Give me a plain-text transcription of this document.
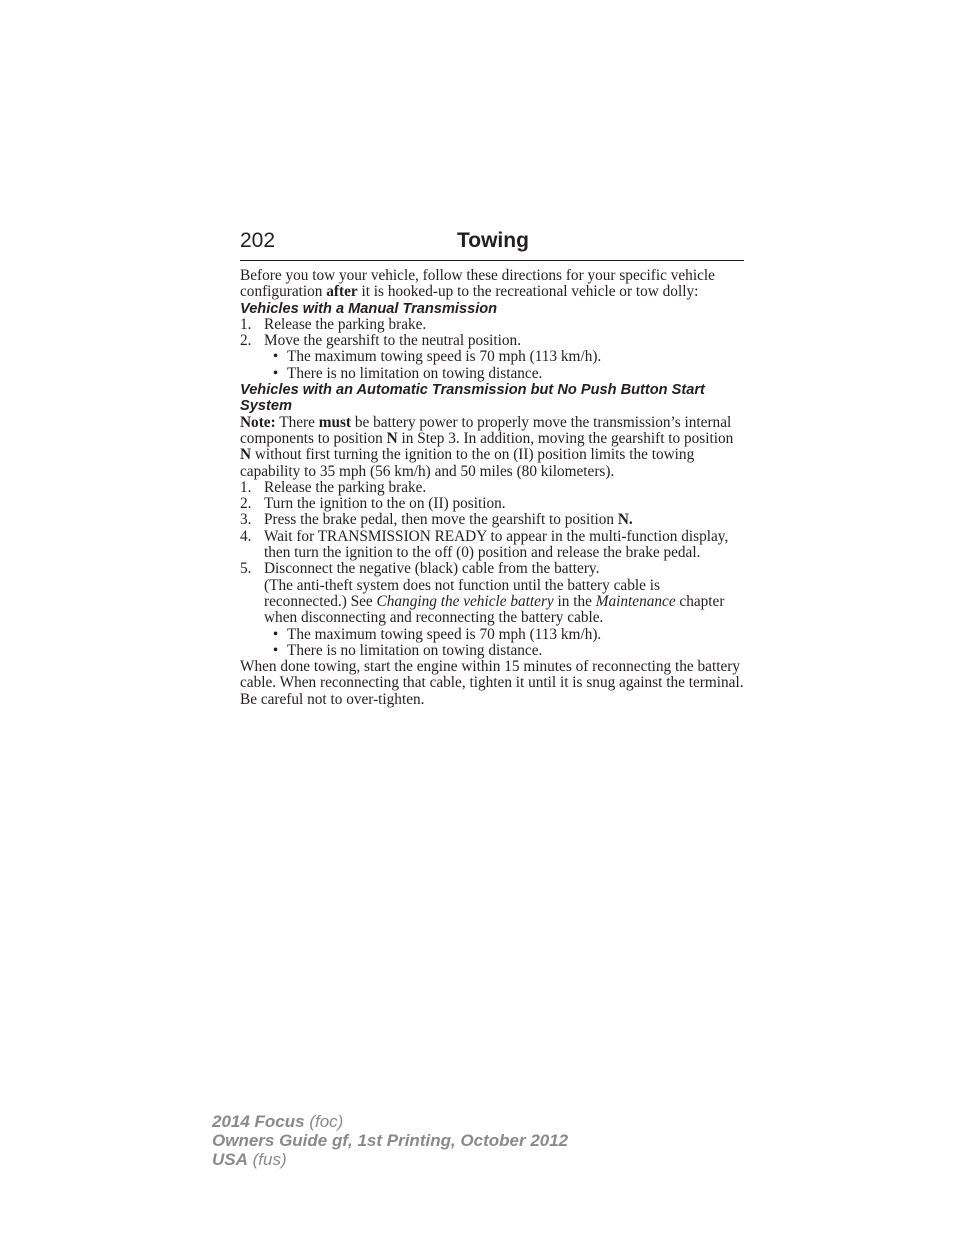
202	Towing

Before you tow your vehicle, follow these directions for your specific vehicle configuration after it is hooked-up to the recreational vehicle or tow dolly:

Vehicles with a Manual Transmission

1. Release the parking brake.
2. Move the gearshift to the neutral position.
•
The maximum towing speed is 70 mph (113 km/h).
•
There is no limitation on towing distance.

Vehicles with an Automatic Transmission but No Push Button Start System

Note: There must be battery power to properly move the transmission’s internal components to position N in Step 3. In addition, moving the gearshift to position N without first turning the ignition to the on (II) position limits the towing capability to 35 mph (56 km/h) and 50 miles (80 kilometers).

1. Release the parking brake.
2. Turn the ignition to the on (II) position.
3. Press the brake pedal, then move the gearshift to position N.
4. Wait for TRANSMISSION READY to appear in the multi-function display, then turn the ignition to the off (0) position and release the brake pedal.
5. Disconnect the negative (black) cable from the battery.
(The anti-theft system does not function until the battery cable is reconnected.) See Changing the vehicle battery in the Maintenance chapter when disconnecting and reconnecting the battery cable.
•
The maximum towing speed is 70 mph (113 km/h).
•
There is no limitation on towing distance.

When done towing, start the engine within 15 minutes of reconnecting the battery cable. When reconnecting that cable, tighten it until it is snug against the terminal. Be careful not to over-tighten.

2014 Focus (foc)
Owners Guide gf, 1st Printing, October 2012
USA (fus)
